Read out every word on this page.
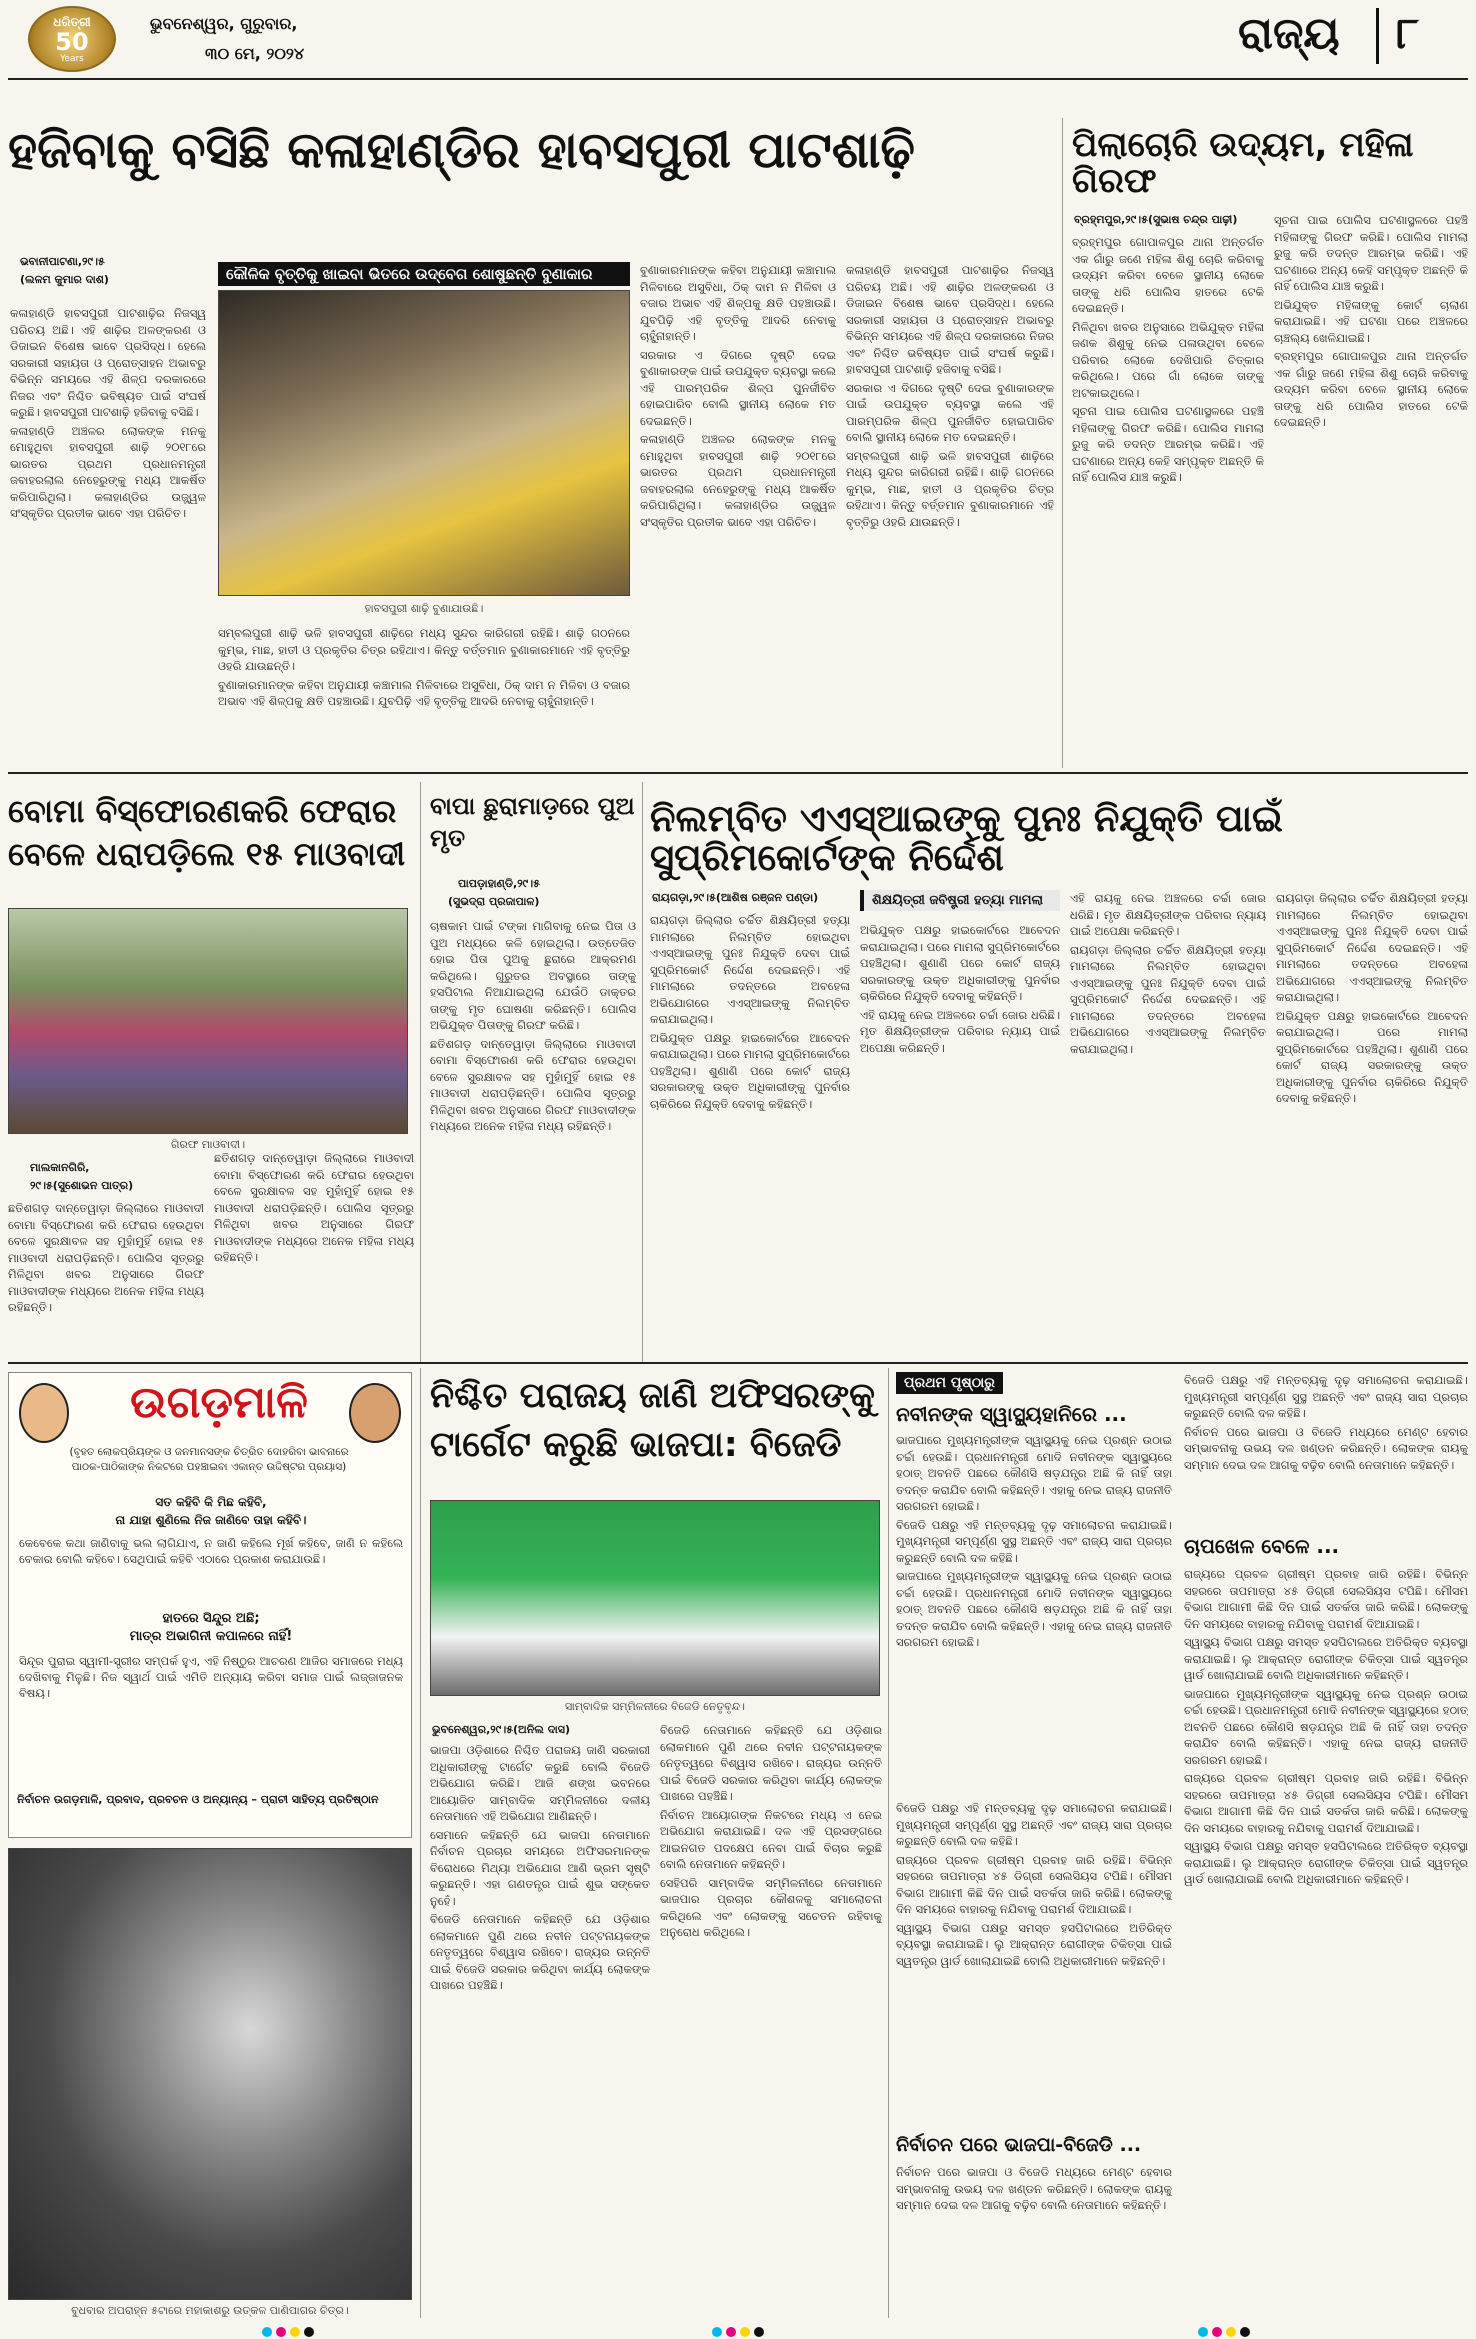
ଧରିତ୍ରୀ
50
Years
ଭୁବନେଶ୍ୱର, ଗୁରୁବାର,
୩୦ ମେ, ୨୦୨୪	ରାଜ୍ୟ ୮
ହଜିବାକୁ ବସିଛି କଳାହାଣ୍ଡିର ହାବସପୁରୀ ପାଟଶାଢ଼ି
ଭବାନୀପାଟଣା,୨୯।୫
(ଲଳମ କୁମାର ଦାଶ)

କଳାହାଣ୍ଡି ହାବସପୁରୀ ପାଟଶାଢ଼ିର ନିଜସ୍ୱ ପରିଚୟ ଅଛି। ଏହି ଶାଢ଼ିର ଅଳଙ୍କରଣ ଓ ଡିଜାଇନ ବିଶେଷ ଭାବେ ପ୍ରସିଦ୍ଧ। ହେଲେ ସରକାରୀ ସହାୟତା ଓ ପ୍ରୋତ୍ସାହନ ଅଭାବରୁ ବିଭିନ୍ନ ସମୟରେ ଏହି ଶିଳ୍ପ ଦରକାରରେ ନିଜର ଏବଂ ନିଶ୍ଚିତ ଭବିଷ୍ୟତ ପାଇଁ ସଂଘର୍ଷ କରୁଛି। ହାବସପୁରୀ ପାଟଶାଢ଼ି ହଜିବାକୁ ବସିଛି।

କଳାହାଣ୍ଡି ଅଞ୍ଚଳର ଲୋକଙ୍କ ମନକୁ ମୋହୁଥିବା ହାବସପୁରୀ ଶାଢ଼ି ୨୦୧୮ରେ ଭାରତର ପ୍ରଥମ ପ୍ରଧାନମନ୍ତ୍ରୀ ଜବାହରଲାଲ ନେହେରୁଙ୍କୁ ମଧ୍ୟ ଆକର୍ଷିତ କରିପାରିଥିଲା। କଳାହାଣ୍ଡିର ଉଜ୍ଜ୍ୱଳ ସଂସ୍କୃତିର ପ୍ରତୀକ ଭାବେ ଏହା ପରିଚିତ।

କୌଳିକ ବୃତ୍ତିକୁ ଖାଇବା ଭିତରେ ଉଦ୍‌ବେଗ ଶୋଷୁଛନ୍ତି ବୁଣାକାର
ହାବସପୁରୀ ଶାଢ଼ି ବୁଣାଯାଉଛି।

ସମ୍ବଲପୁରୀ ଶାଢ଼ି ଭଳି ହାବସପୁରୀ ଶାଢ଼ିରେ ମଧ୍ୟ ସୁନ୍ଦର କାରିଗରୀ ରହିଛି। ଶାଢ଼ି ଗଠନରେ କୁମ୍ଭ, ମାଛ, ହାତୀ ଓ ପ୍ରକୃତିର ଚିତ୍ର ରହିଥାଏ। କିନ୍ତୁ ବର୍ତ୍ତମାନ ବୁଣାକାରମାନେ ଏହି ବୃତ୍ତିରୁ ଓହରି ଯାଉଛନ୍ତି।

ବୁଣାକାରମାନଙ୍କ କହିବା ଅନୁଯାୟୀ କଞ୍ଚାମାଲ ମିଳିବାରେ ଅସୁବିଧା, ଠିକ୍ ଦାମ ନ ମିଳିବା ଓ ବଜାର ଅଭାବ ଏହି ଶିଳ୍ପକୁ କ୍ଷତି ପହଞ୍ଚାଉଛି। ଯୁବପିଢ଼ି ଏହି ବୃତ୍ତିକୁ ଆଦରି ନେବାକୁ ଚାହୁଁନାହାନ୍ତି।

ବୁଣାକାରମାନଙ୍କ କହିବା ଅନୁଯାୟୀ କଞ୍ଚାମାଲ ମିଳିବାରେ ଅସୁବିଧା, ଠିକ୍ ଦାମ ନ ମିଳିବା ଓ ବଜାର ଅଭାବ ଏହି ଶିଳ୍ପକୁ କ୍ଷତି ପହଞ୍ଚାଉଛି। ଯୁବପିଢ଼ି ଏହି ବୃତ୍ତିକୁ ଆଦରି ନେବାକୁ ଚାହୁଁନାହାନ୍ତି।

ସରକାର ଏ ଦିଗରେ ଦୃଷ୍ଟି ଦେଇ ବୁଣାକାରଙ୍କ ପାଇଁ ଉପଯୁକ୍ତ ବ୍ୟବସ୍ଥା କଲେ ଏହି ପାରମ୍ପରିକ ଶିଳ୍ପ ପୁନର୍ଜୀବିତ ହୋଇପାରିବ ବୋଲି ସ୍ଥାନୀୟ ଲୋକେ ମତ ଦେଇଛନ୍ତି।

କଳାହାଣ୍ଡି ଅଞ୍ଚଳର ଲୋକଙ୍କ ମନକୁ ମୋହୁଥିବା ହାବସପୁରୀ ଶାଢ଼ି ୨୦୧୮ରେ ଭାରତର ପ୍ରଥମ ପ୍ରଧାନମନ୍ତ୍ରୀ ଜବାହରଲାଲ ନେହେରୁଙ୍କୁ ମଧ୍ୟ ଆକର୍ଷିତ କରିପାରିଥିଲା। କଳାହାଣ୍ଡିର ଉଜ୍ଜ୍ୱଳ ସଂସ୍କୃତିର ପ୍ରତୀକ ଭାବେ ଏହା ପରିଚିତ।

କଳାହାଣ୍ଡି ହାବସପୁରୀ ପାଟଶାଢ଼ିର ନିଜସ୍ୱ ପରିଚୟ ଅଛି। ଏହି ଶାଢ଼ିର ଅଳଙ୍କରଣ ଓ ଡିଜାଇନ ବିଶେଷ ଭାବେ ପ୍ରସିଦ୍ଧ। ହେଲେ ସରକାରୀ ସହାୟତା ଓ ପ୍ରୋତ୍ସାହନ ଅଭାବରୁ ବିଭିନ୍ନ ସମୟରେ ଏହି ଶିଳ୍ପ ଦରକାରରେ ନିଜର ଏବଂ ନିଶ୍ଚିତ ଭବିଷ୍ୟତ ପାଇଁ ସଂଘର୍ଷ କରୁଛି। ହାବସପୁରୀ ପାଟଶାଢ଼ି ହଜିବାକୁ ବସିଛି।

ସରକାର ଏ ଦିଗରେ ଦୃଷ୍ଟି ଦେଇ ବୁଣାକାରଙ୍କ ପାଇଁ ଉପଯୁକ୍ତ ବ୍ୟବସ୍ଥା କଲେ ଏହି ପାରମ୍ପରିକ ଶିଳ୍ପ ପୁନର୍ଜୀବିତ ହୋଇପାରିବ ବୋଲି ସ୍ଥାନୀୟ ଲୋକେ ମତ ଦେଇଛନ୍ତି।

ସମ୍ବଲପୁରୀ ଶାଢ଼ି ଭଳି ହାବସପୁରୀ ଶାଢ଼ିରେ ମଧ୍ୟ ସୁନ୍ଦର କାରିଗରୀ ରହିଛି। ଶାଢ଼ି ଗଠନରେ କୁମ୍ଭ, ମାଛ, ହାତୀ ଓ ପ୍ରକୃତିର ଚିତ୍ର ରହିଥାଏ। କିନ୍ତୁ ବର୍ତ୍ତମାନ ବୁଣାକାରମାନେ ଏହି ବୃତ୍ତିରୁ ଓହରି ଯାଉଛନ୍ତି।

ପିଲାଚୋରି ଉଦ୍ୟମ, ମହିଳା ଗିରଫ
ବ୍ରହ୍ମପୁର,୨୯।୫(ସୁଭାଷ ଚନ୍ଦ୍ର ପାଢ଼ୀ)

ବ୍ରହ୍ମପୁର ଗୋପାଳପୁର ଥାନା ଅନ୍ତର୍ଗତ ଏକ ଗାଁରୁ ଜଣେ ମହିଳା ଶିଶୁ ଚୋରି କରିବାକୁ ଉଦ୍ୟମ କରିବା ବେଳେ ସ୍ଥାନୀୟ ଲୋକେ ତାଙ୍କୁ ଧରି ପୋଲିସ ହାତରେ ଟେକି ଦେଇଛନ୍ତି।

ମିଳିଥିବା ଖବର ଅନୁସାରେ ଅଭିଯୁକ୍ତ ମହିଳା ଜଣକ ଶିଶୁକୁ ନେଇ ପଳାଉଥିବା ବେଳେ ପରିବାର ଲୋକେ ଦେଖିପାରି ଚିତ୍କାର କରିଥିଲେ। ପରେ ଗାଁ ଲୋକେ ତାଙ୍କୁ ଅଟକାଇଥିଲେ।

ସୂଚନା ପାଇ ପୋଲିସ ଘଟଣାସ୍ଥଳରେ ପହଞ୍ଚି ମହିଳାଙ୍କୁ ଗିରଫ କରିଛି। ପୋଲିସ ମାମଲା ରୁଜୁ କରି ତଦନ୍ତ ଆରମ୍ଭ କରିଛି। ଏହି ଘଟଣାରେ ଅନ୍ୟ କେହି ସମ୍ପୃକ୍ତ ଅଛନ୍ତି କି ନାହିଁ ପୋଲିସ ଯାଞ୍ଚ କରୁଛି।

ସୂଚନା ପାଇ ପୋଲିସ ଘଟଣାସ୍ଥଳରେ ପହଞ୍ଚି ମହିଳାଙ୍କୁ ଗିରଫ କରିଛି। ପୋଲିସ ମାମଲା ରୁଜୁ କରି ତଦନ୍ତ ଆରମ୍ଭ କରିଛି। ଏହି ଘଟଣାରେ ଅନ୍ୟ କେହି ସମ୍ପୃକ୍ତ ଅଛନ୍ତି କି ନାହିଁ ପୋଲିସ ଯାଞ୍ଚ କରୁଛି।

ଅଭିଯୁକ୍ତ ମହିଳାଙ୍କୁ କୋର୍ଟ ଚାଲାଣ କରାଯାଇଛି। ଏହି ଘଟଣା ପରେ ଅଞ୍ଚଳରେ ଚାଞ୍ଚଲ୍ୟ ଖେଳିଯାଇଛି।

ବ୍ରହ୍ମପୁର ଗୋପାଳପୁର ଥାନା ଅନ୍ତର୍ଗତ ଏକ ଗାଁରୁ ଜଣେ ମହିଳା ଶିଶୁ ଚୋରି କରିବାକୁ ଉଦ୍ୟମ କରିବା ବେଳେ ସ୍ଥାନୀୟ ଲୋକେ ତାଙ୍କୁ ଧରି ପୋଲିସ ହାତରେ ଟେକି ଦେଇଛନ୍ତି।

ବୋମା ବିସ୍ଫୋରଣକରି ଫେରାର ବେଳେ ଧରାପଡ଼ିଲେ ୧୫ ମାଓବାଦୀ
ଗିରଫ ମାଓବାଦୀ।
ମାଲକାନଗିରି,
୨୯।୫(ସୁଶୋଭନ ପାତ୍ର)

ଛତିଶଗଡ଼ ଦାନ୍ତେୱାଡ଼ା ଜିଲ୍ଲାରେ ମାଓବାଦୀ ବୋମା ବିସ୍ଫୋରଣ କରି ଫେରାର ହେଉଥିବା ବେଳେ ସୁରକ୍ଷାବଳ ସହ ମୁହାଁମୁହିଁ ହୋଇ ୧୫ ମାଓବାଦୀ ଧରାପଡ଼ିଛନ୍ତି। ପୋଲିସ ସୂତ୍ରରୁ ମିଳିଥିବା ଖବର ଅନୁସାରେ ଗିରଫ ମାଓବାଦୀଙ୍କ ମଧ୍ୟରେ ଅନେକ ମହିଳା ମଧ୍ୟ ରହିଛନ୍ତି।

ଛତିଶଗଡ଼ ଦାନ୍ତେୱାଡ଼ା ଜିଲ୍ଲାରେ ମାଓବାଦୀ ବୋମା ବିସ୍ଫୋରଣ କରି ଫେରାର ହେଉଥିବା ବେଳେ ସୁରକ୍ଷାବଳ ସହ ମୁହାଁମୁହିଁ ହୋଇ ୧୫ ମାଓବାଦୀ ଧରାପଡ଼ିଛନ୍ତି। ପୋଲିସ ସୂତ୍ରରୁ ମିଳିଥିବା ଖବର ଅନୁସାରେ ଗିରଫ ମାଓବାଦୀଙ୍କ ମଧ୍ୟରେ ଅନେକ ମହିଳା ମଧ୍ୟ ରହିଛନ୍ତି।

ବାପା ଛୁରାମାଡ଼ରେ ପୁଅ ମୃତ
ପାପଡ଼ାହାଣ୍ଡି,୨୯।୫
(ସୁଭଦ୍ରା ପ୍ରଜାପାଳ)

ଚାଷକାମ ପାଇଁ ଟଙ୍କା ମାଗିବାକୁ ନେଇ ପିତା ଓ ପୁଅ ମଧ୍ୟରେ କଳି ହୋଇଥିଲା। ଉତ୍ତେଜିତ ହୋଇ ପିତା ପୁଅକୁ ଛୁରାରେ ଆକ୍ରମଣ କରିଥିଲେ। ଗୁରୁତର ଅବସ୍ଥାରେ ତାଙ୍କୁ ହସପିଟାଲ ନିଆଯାଇଥିଲା ଯେଉଁଠି ଡାକ୍ତର ତାଙ୍କୁ ମୃତ ଘୋଷଣା କରିଛନ୍ତି। ପୋଲିସ ଅଭିଯୁକ୍ତ ପିତାଙ୍କୁ ଗିରଫ କରିଛି।

ଛତିଶଗଡ଼ ଦାନ୍ତେୱାଡ଼ା ଜିଲ୍ଲାରେ ମାଓବାଦୀ ବୋମା ବିସ୍ଫୋରଣ କରି ଫେରାର ହେଉଥିବା ବେଳେ ସୁରକ୍ଷାବଳ ସହ ମୁହାଁମୁହିଁ ହୋଇ ୧୫ ମାଓବାଦୀ ଧରାପଡ଼ିଛନ୍ତି। ପୋଲିସ ସୂତ୍ରରୁ ମିଳିଥିବା ଖବର ଅନୁସାରେ ଗିରଫ ମାଓବାଦୀଙ୍କ ମଧ୍ୟରେ ଅନେକ ମହିଳା ମଧ୍ୟ ରହିଛନ୍ତି।

ନିଲମ୍ବିତ ଏଏସ୍‌ଆଇଙ୍କୁ ପୁନଃ ନିଯୁକ୍ତି ପାଇଁ ସୁପ୍ରିମକୋର୍ଟଙ୍କ ନିର୍ଦ୍ଦେଶ
ରାୟଗଡ଼ା,୨୯।୫(ଆଶିଷ ରଞ୍ଜନ ପଣ୍ଡା)	ଶିକ୍ଷୟିତ୍ରୀ ଜବିଷ୍ଟ୍ରୀ ହତ୍ୟା ମାମଲା

ରାୟଗଡ଼ା ଜିଲ୍ଲାର ଚର୍ଚ୍ଚିତ ଶିକ୍ଷୟିତ୍ରୀ ହତ୍ୟା ମାମଲାରେ ନିଲମ୍ବିତ ହୋଇଥିବା ଏଏସ୍‌ଆଇଙ୍କୁ ପୁନଃ ନିଯୁକ୍ତି ଦେବା ପାଇଁ ସୁପ୍ରିମକୋର୍ଟ ନିର୍ଦ୍ଦେଶ ଦେଇଛନ୍ତି। ଏହି ମାମଲାରେ ତଦନ୍ତରେ ଅବହେଳା ଅଭିଯୋଗରେ ଏଏସ୍‌ଆଇଙ୍କୁ ନିଲମ୍ବିତ କରାଯାଇଥିଲା।

ଅଭିଯୁକ୍ତ ପକ୍ଷରୁ ହାଇକୋର୍ଟରେ ଆବେଦନ କରାଯାଇଥିଲା। ପରେ ମାମଲା ସୁପ୍ରିମକୋର୍ଟରେ ପହଞ୍ଚିଥିଲା। ଶୁଣାଣି ପରେ କୋର୍ଟ ରାଜ୍ୟ ସରକାରଙ୍କୁ ଉକ୍ତ ଅଧିକାରୀଙ୍କୁ ପୁନର୍ବାର ଚାକିରିରେ ନିଯୁକ୍ତି ଦେବାକୁ କହିଛନ୍ତି।

ଅଭିଯୁକ୍ତ ପକ୍ଷରୁ ହାଇକୋର୍ଟରେ ଆବେଦନ କରାଯାଇଥିଲା। ପରେ ମାମଲା ସୁପ୍ରିମକୋର୍ଟରେ ପହଞ୍ଚିଥିଲା। ଶୁଣାଣି ପରେ କୋର୍ଟ ରାଜ୍ୟ ସରକାରଙ୍କୁ ଉକ୍ତ ଅଧିକାରୀଙ୍କୁ ପୁନର୍ବାର ଚାକିରିରେ ନିଯୁକ୍ତି ଦେବାକୁ କହିଛନ୍ତି।

ଏହି ରାୟକୁ ନେଇ ଅଞ୍ଚଳରେ ଚର୍ଚ୍ଚା ଜୋର ଧରିଛି। ମୃତ ଶିକ୍ଷୟିତ୍ରୀଙ୍କ ପରିବାର ନ୍ୟାୟ ପାଇଁ ଅପେକ୍ଷା କରିଛନ୍ତି।

ଏହି ରାୟକୁ ନେଇ ଅଞ୍ଚଳରେ ଚର୍ଚ୍ଚା ଜୋର ଧରିଛି। ମୃତ ଶିକ୍ଷୟିତ୍ରୀଙ୍କ ପରିବାର ନ୍ୟାୟ ପାଇଁ ଅପେକ୍ଷା କରିଛନ୍ତି।

ରାୟଗଡ଼ା ଜିଲ୍ଲାର ଚର୍ଚ୍ଚିତ ଶିକ୍ଷୟିତ୍ରୀ ହତ୍ୟା ମାମଲାରେ ନିଲମ୍ବିତ ହୋଇଥିବା ଏଏସ୍‌ଆଇଙ୍କୁ ପୁନଃ ନିଯୁକ୍ତି ଦେବା ପାଇଁ ସୁପ୍ରିମକୋର୍ଟ ନିର୍ଦ୍ଦେଶ ଦେଇଛନ୍ତି। ଏହି ମାମଲାରେ ତଦନ୍ତରେ ଅବହେଳା ଅଭିଯୋଗରେ ଏଏସ୍‌ଆଇଙ୍କୁ ନିଲମ୍ବିତ କରାଯାଇଥିଲା।

ରାୟଗଡ଼ା ଜିଲ୍ଲାର ଚର୍ଚ୍ଚିତ ଶିକ୍ଷୟିତ୍ରୀ ହତ୍ୟା ମାମଲାରେ ନିଲମ୍ବିତ ହୋଇଥିବା ଏଏସ୍‌ଆଇଙ୍କୁ ପୁନଃ ନିଯୁକ୍ତି ଦେବା ପାଇଁ ସୁପ୍ରିମକୋର୍ଟ ନିର୍ଦ୍ଦେଶ ଦେଇଛନ୍ତି। ଏହି ମାମଲାରେ ତଦନ୍ତରେ ଅବହେଳା ଅଭିଯୋଗରେ ଏଏସ୍‌ଆଇଙ୍କୁ ନିଲମ୍ବିତ କରାଯାଇଥିଲା।

ଅଭିଯୁକ୍ତ ପକ୍ଷରୁ ହାଇକୋର୍ଟରେ ଆବେଦନ କରାଯାଇଥିଲା। ପରେ ମାମଲା ସୁପ୍ରିମକୋର୍ଟରେ ପହଞ୍ଚିଥିଲା। ଶୁଣାଣି ପରେ କୋର୍ଟ ରାଜ୍ୟ ସରକାରଙ୍କୁ ଉକ୍ତ ଅଧିକାରୀଙ୍କୁ ପୁନର୍ବାର ଚାକିରିରେ ନିଯୁକ୍ତି ଦେବାକୁ କହିଛନ୍ତି।

ଉଗଡ଼ମାଳି
(ବୃହତ ଲୋକପ୍ରିୟଙ୍କ ଓ ଜନମାନସଙ୍କ ଚିତ୍ରିତ ଦୋହରିବା ଭାବନାରେ ପାଠକ-ପାଠିକାଙ୍କ ନିକଟରେ ପହଞ୍ଚାଇବା ଏକାନ୍ତ ଉଦ୍ଦିଷ୍ଟର ପ୍ରୟାସ)
ସତ କହିବି କି ମିଛ କହିବି,
ନା ଯାହା ଶୁଣିଲେ ନିଜ ଜାଣିବେ ତାହା କହିବି।
କେବେକେ କଥା ଜାଣିବାକୁ ଭଲ ଲାଗିଯାଏ, ନ ଜାଣି କହିଲେ ମୂର୍ଖ କହିବେ, ଜାଣି ନ କହିଲେ ବେକାର ବୋଲି କହିବେ। ସେଥିପାଇଁ କହିବି ଏଠାରେ ପ୍ରକାଶ କରାଯାଉଛି।
ହାତରେ ସିନ୍ଦୁର ଅଛି;
ମାତ୍ର ଅଭାଗିନୀ କପାଳରେ ନାହିଁ!
ସିନ୍ଦୂର ପୁରାଇ ସ୍ୱାମୀ-ସ୍ତ୍ରୀର ସମ୍ପର୍କ ହୁଏ, ଏହି ନିଷ୍ଠୁର ଆଚରଣ ଆଜିର ସମାଜରେ ମଧ୍ୟ ଦେଖିବାକୁ ମିଳୁଛି। ନିଜ ସ୍ୱାର୍ଥ ପାଇଁ ଏମିତି ଅନ୍ୟାୟ କରିବା ସମାଜ ପାଇଁ ଲଜ୍ଜାଜନକ ବିଷୟ।
ନିର୍ବାଚନ ଉଗଡ଼ମାଳି, ପ୍ରବାଦ, ପ୍ରବଚନ ଓ ଅନ୍ୟାନ୍ୟ – ପ୍ରାଚୀ ସାହିତ୍ୟ ପ୍ରତିଷ୍ଠାନ
ବୁଧବାର ଅପରାହ୍ନ ୫ଟାରେ ମହାକାଶରୁ ଉତ୍କଳ ପାଣିପାଗର ଚିତ୍ର।
ନିଶ୍ଚିତ ପରାଜୟ ଜାଣି ଅଫିସରଙ୍କୁ ଟାର୍ଗେଟ କରୁଛି ଭାଜପା: ବିଜେଡି
ସାମ୍ବାଦିକ ସମ୍ମିଳନୀରେ ବିଜେଡି ନେତୃବୃନ୍ଦ।
ଭୁବନେଶ୍ୱର,୨୯।୫(ଅନିଲ ଦାସ)

ଭାଜପା ଓଡ଼ିଶାରେ ନିଶ୍ଚିତ ପରାଜୟ ଜାଣି ସରକାରୀ ଅଧିକାରୀଙ୍କୁ ଟାର୍ଗେଟ କରୁଛି ବୋଲି ବିଜେଡି ଅଭିଯୋଗ କରିଛି। ଆଜି ଶଙ୍ଖ ଭବନରେ ଆୟୋଜିତ ସାମ୍ବାଦିକ ସମ୍ମିଳନୀରେ ଦଳୀୟ ନେତାମାନେ ଏହି ଅଭିଯୋଗ ଆଣିଛନ୍ତି।

ସେମାନେ କହିଛନ୍ତି ଯେ ଭାଜପା ନେତାମାନେ ନିର୍ବାଚନ ପ୍ରଚାର ସମୟରେ ଅଫିସରମାନଙ୍କ ବିରୋଧରେ ମିଥ୍ୟା ଅଭିଯୋଗ ଆଣି ଭ୍ରମ ସୃଷ୍ଟି କରୁଛନ୍ତି। ଏହା ଗଣତନ୍ତ୍ର ପାଇଁ ଶୁଭ ସଙ୍କେତ ନୁହେଁ।

ବିଜେଡି ନେତାମାନେ କହିଛନ୍ତି ଯେ ଓଡ଼ିଶାର ଲୋକମାନେ ପୁଣି ଥରେ ନବୀନ ପଟ୍ଟନାୟକଙ୍କ ନେତୃତ୍ୱରେ ବିଶ୍ୱାସ ରଖିବେ। ରାଜ୍ୟର ଉନ୍ନତି ପାଇଁ ବିଜେଡି ସରକାର କରିଥିବା କାର୍ଯ୍ୟ ଲୋକଙ୍କ ପାଖରେ ପହଞ୍ଚିଛି।

ବିଜେଡି ନେତାମାନେ କହିଛନ୍ତି ଯେ ଓଡ଼ିଶାର ଲୋକମାନେ ପୁଣି ଥରେ ନବୀନ ପଟ୍ଟନାୟକଙ୍କ ନେତୃତ୍ୱରେ ବିଶ୍ୱାସ ରଖିବେ। ରାଜ୍ୟର ଉନ୍ନତି ପାଇଁ ବିଜେଡି ସରକାର କରିଥିବା କାର୍ଯ୍ୟ ଲୋକଙ୍କ ପାଖରେ ପହଞ୍ଚିଛି।

ନିର୍ବାଚନ ଆୟୋଗଙ୍କ ନିକଟରେ ମଧ୍ୟ ଏ ନେଇ ଅଭିଯୋଗ କରାଯାଇଛି। ଦଳ ଏହି ପ୍ରସଙ୍ଗରେ ଆଇନଗତ ପଦକ୍ଷେପ ନେବା ପାଇଁ ବିଚାର କରୁଛି ବୋଲି ନେତାମାନେ କହିଛନ୍ତି।

ସେହିପରି ସାମ୍ବାଦିକ ସମ୍ମିଳନୀରେ ନେତାମାନେ ଭାଜପାର ପ୍ରଚାର କୌଶଳକୁ ସମାଲୋଚନା କରିଥିଲେ ଏବଂ ଲୋକଙ୍କୁ ସଚେତନ ରହିବାକୁ ଅନୁରୋଧ କରିଥିଲେ।

ପ୍ରଥମ ପୃଷ୍ଠାରୁ
ନବୀନଙ୍କ ସ୍ୱାସ୍ଥ୍ୟହାନିରେ ...

ଭାଜପାରେ ମୁଖ୍ୟମନ୍ତ୍ରୀଙ୍କ ସ୍ୱାସ୍ଥ୍ୟକୁ ନେଇ ପ୍ରଶ୍ନ ଉଠାଇ ଚର୍ଚ୍ଚା ହେଉଛି। ପ୍ରଧାନମନ୍ତ୍ରୀ ମୋଦି ନବୀନଙ୍କ ସ୍ୱାସ୍ଥ୍ୟରେ ହଠାତ୍ ଅବନତି ପଛରେ କୌଣସି ଷଡ଼ଯନ୍ତ୍ର ଅଛି କି ନାହିଁ ତାହା ତଦନ୍ତ କରାଯିବ ବୋଲି କହିଛନ୍ତି। ଏହାକୁ ନେଇ ରାଜ୍ୟ ରାଜନୀତି ସରଗରମ ହୋଇଛି।

ବିଜେଡି ପକ୍ଷରୁ ଏହି ମନ୍ତବ୍ୟକୁ ଦୃଢ଼ ସମାଲୋଚନା କରାଯାଇଛି। ମୁଖ୍ୟମନ୍ତ୍ରୀ ସମ୍ପୂର୍ଣ୍ଣ ସୁସ୍ଥ ଅଛନ୍ତି ଏବଂ ରାଜ୍ୟ ସାରା ପ୍ରଚାର କରୁଛନ୍ତି ବୋଲି ଦଳ କହିଛି।

ଭାଜପାରେ ମୁଖ୍ୟମନ୍ତ୍ରୀଙ୍କ ସ୍ୱାସ୍ଥ୍ୟକୁ ନେଇ ପ୍ରଶ୍ନ ଉଠାଇ ଚର୍ଚ୍ଚା ହେଉଛି। ପ୍ରଧାନମନ୍ତ୍ରୀ ମୋଦି ନବୀନଙ୍କ ସ୍ୱାସ୍ଥ୍ୟରେ ହଠାତ୍ ଅବନତି ପଛରେ କୌଣସି ଷଡ଼ଯନ୍ତ୍ର ଅଛି କି ନାହିଁ ତାହା ତଦନ୍ତ କରାଯିବ ବୋଲି କହିଛନ୍ତି। ଏହାକୁ ନେଇ ରାଜ୍ୟ ରାଜନୀତି ସରଗରମ ହୋଇଛି।

ନିର୍ବାଚନ ପରେ ଭାଜପା-ବିଜେଡି ...

ବିଜେଡି ପକ୍ଷରୁ ଏହି ମନ୍ତବ୍ୟକୁ ଦୃଢ଼ ସମାଲୋଚନା କରାଯାଇଛି। ମୁଖ୍ୟମନ୍ତ୍ରୀ ସମ୍ପୂର୍ଣ୍ଣ ସୁସ୍ଥ ଅଛନ୍ତି ଏବଂ ରାଜ୍ୟ ସାରା ପ୍ରଚାର କରୁଛନ୍ତି ବୋଲି ଦଳ କହିଛି।

ରାଜ୍ୟରେ ପ୍ରବଳ ଗ୍ରୀଷ୍ମ ପ୍ରବାହ ଜାରି ରହିଛି। ବିଭିନ୍ନ ସହରରେ ତାପମାତ୍ରା ୪୫ ଡିଗ୍ରୀ ସେଲସିୟସ ଟପିଛି। ମୌସମ ବିଭାଗ ଆଗାମୀ କିଛି ଦିନ ପାଇଁ ସତର୍କତା ଜାରି କରିଛି। ଲୋକଙ୍କୁ ଦିନ ସମୟରେ ବାହାରକୁ ନଯିବାକୁ ପରାମର୍ଶ ଦିଆଯାଇଛି।

ସ୍ୱାସ୍ଥ୍ୟ ବିଭାଗ ପକ୍ଷରୁ ସମସ୍ତ ହସପିଟାଲରେ ଅତିରିକ୍ତ ବ୍ୟବସ୍ଥା କରାଯାଇଛି। ଲୁ ଆକ୍ରାନ୍ତ ରୋଗୀଙ୍କ ଚିକିତ୍ସା ପାଇଁ ସ୍ୱତନ୍ତ୍ର ୱାର୍ଡ ଖୋଲାଯାଇଛି ବୋଲି ଅଧିକାରୀମାନେ କହିଛନ୍ତି।

ନିର୍ବାଚନ ପରେ ଭାଜପା ଓ ବିଜେଡି ମଧ୍ୟରେ ମେଣ୍ଟ ହେବାର ସମ୍ଭାବନାକୁ ଉଭୟ ଦଳ ଖଣ୍ଡନ କରିଛନ୍ତି। ଲୋକଙ୍କ ରାୟକୁ ସମ୍ମାନ ଦେଇ ଦଳ ଆଗକୁ ବଢ଼ିବ ବୋଲି ନେତାମାନେ କହିଛନ୍ତି।

ବିଜେଡି ପକ୍ଷରୁ ଏହି ମନ୍ତବ୍ୟକୁ ଦୃଢ଼ ସମାଲୋଚନା କରାଯାଇଛି। ମୁଖ୍ୟମନ୍ତ୍ରୀ ସମ୍ପୂର୍ଣ୍ଣ ସୁସ୍ଥ ଅଛନ୍ତି ଏବଂ ରାଜ୍ୟ ସାରା ପ୍ରଚାର କରୁଛନ୍ତି ବୋଲି ଦଳ କହିଛି।

ନିର୍ବାଚନ ପରେ ଭାଜପା ଓ ବିଜେଡି ମଧ୍ୟରେ ମେଣ୍ଟ ହେବାର ସମ୍ଭାବନାକୁ ଉଭୟ ଦଳ ଖଣ୍ଡନ କରିଛନ୍ତି। ଲୋକଙ୍କ ରାୟକୁ ସମ୍ମାନ ଦେଇ ଦଳ ଆଗକୁ ବଢ଼ିବ ବୋଲି ନେତାମାନେ କହିଛନ୍ତି।

ଚାପଖେଳ ବେଳେ ...

ରାଜ୍ୟରେ ପ୍ରବଳ ଗ୍ରୀଷ୍ମ ପ୍ରବାହ ଜାରି ରହିଛି। ବିଭିନ୍ନ ସହରରେ ତାପମାତ୍ରା ୪୫ ଡିଗ୍ରୀ ସେଲସିୟସ ଟପିଛି। ମୌସମ ବିଭାଗ ଆଗାମୀ କିଛି ଦିନ ପାଇଁ ସତର୍କତା ଜାରି କରିଛି। ଲୋକଙ୍କୁ ଦିନ ସମୟରେ ବାହାରକୁ ନଯିବାକୁ ପରାମର୍ଶ ଦିଆଯାଇଛି।

ସ୍ୱାସ୍ଥ୍ୟ ବିଭାଗ ପକ୍ଷରୁ ସମସ୍ତ ହସପିଟାଲରେ ଅତିରିକ୍ତ ବ୍ୟବସ୍ଥା କରାଯାଇଛି। ଲୁ ଆକ୍ରାନ୍ତ ରୋଗୀଙ୍କ ଚିକିତ୍ସା ପାଇଁ ସ୍ୱତନ୍ତ୍ର ୱାର୍ଡ ଖୋଲାଯାଇଛି ବୋଲି ଅଧିକାରୀମାନେ କହିଛନ୍ତି।

ଭାଜପାରେ ମୁଖ୍ୟମନ୍ତ୍ରୀଙ୍କ ସ୍ୱାସ୍ଥ୍ୟକୁ ନେଇ ପ୍ରଶ୍ନ ଉଠାଇ ଚର୍ଚ୍ଚା ହେଉଛି। ପ୍ରଧାନମନ୍ତ୍ରୀ ମୋଦି ନବୀନଙ୍କ ସ୍ୱାସ୍ଥ୍ୟରେ ହଠାତ୍ ଅବନତି ପଛରେ କୌଣସି ଷଡ଼ଯନ୍ତ୍ର ଅଛି କି ନାହିଁ ତାହା ତଦନ୍ତ କରାଯିବ ବୋଲି କହିଛନ୍ତି। ଏହାକୁ ନେଇ ରାଜ୍ୟ ରାଜନୀତି ସରଗରମ ହୋଇଛି।

ରାଜ୍ୟରେ ପ୍ରବଳ ଗ୍ରୀଷ୍ମ ପ୍ରବାହ ଜାରି ରହିଛି। ବିଭିନ୍ନ ସହରରେ ତାପମାତ୍ରା ୪୫ ଡିଗ୍ରୀ ସେଲସିୟସ ଟପିଛି। ମୌସମ ବିଭାଗ ଆଗାମୀ କିଛି ଦିନ ପାଇଁ ସତର୍କତା ଜାରି କରିଛି। ଲୋକଙ୍କୁ ଦିନ ସମୟରେ ବାହାରକୁ ନଯିବାକୁ ପରାମର୍ଶ ଦିଆଯାଇଛି।

ସ୍ୱାସ୍ଥ୍ୟ ବିଭାଗ ପକ୍ଷରୁ ସମସ୍ତ ହସପିଟାଲରେ ଅତିରିକ୍ତ ବ୍ୟବସ୍ଥା କରାଯାଇଛି। ଲୁ ଆକ୍ରାନ୍ତ ରୋଗୀଙ୍କ ଚିକିତ୍ସା ପାଇଁ ସ୍ୱତନ୍ତ୍ର ୱାର୍ଡ ଖୋଲାଯାଇଛି ବୋଲି ଅଧିକାରୀମାନେ କହିଛନ୍ତି।
